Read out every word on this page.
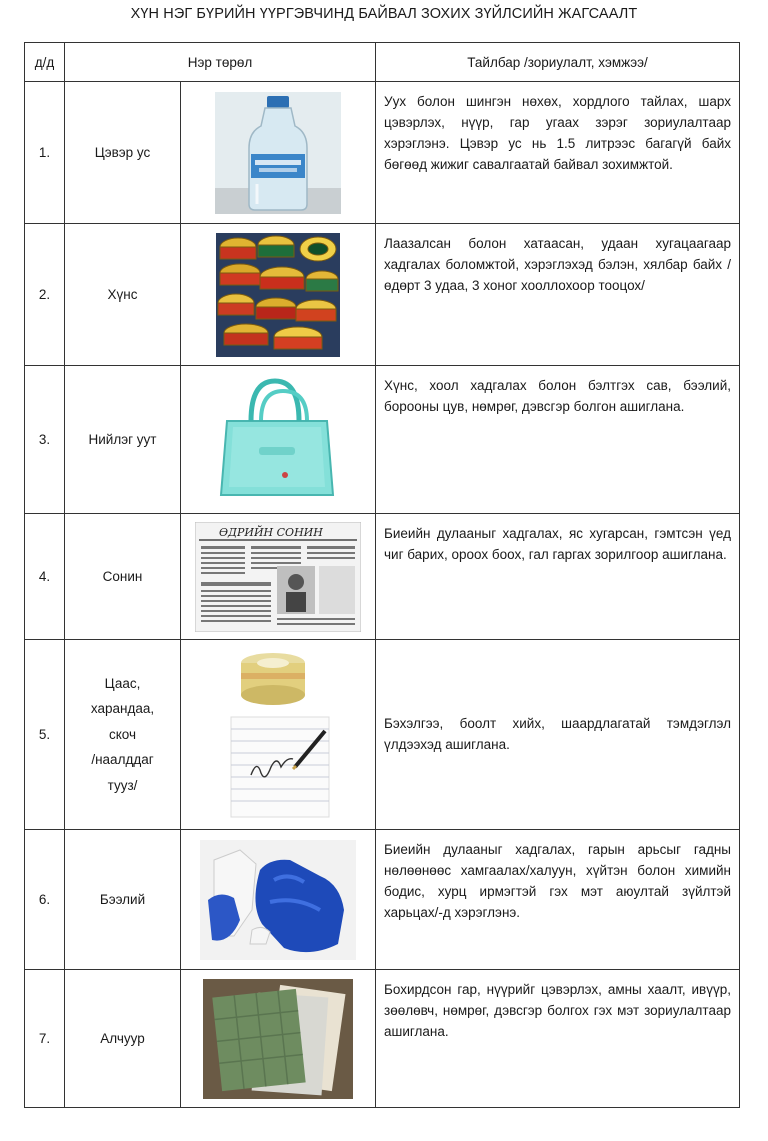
ХҮН НЭГ БҮРИЙН ҮҮРГЭВЧИНД БАЙВАЛ ЗОХИХ ЗҮЙЛСИЙН ЖАГСААЛТ
д/д	Нэр төрөл		Тайлбар /зориулалт, хэмжээ/
1.	Цэвэр ус		Уух болон шингэн нөхөх, хордлого тайлах, шарх цэвэрлэх, нүүр, гар угаах зэрэг зориулалтаар хэрэглэнэ. Цэвэр ус нь 1.5 литрээс багагүй байх бөгөөд жижиг савалгаатай байвал зохимжтой.
2.	Хүнс		Лаазалсан болон хатаасан, удаан хугацаагаар хадгалах боломжтой, хэрэглэхэд бэлэн, хялбар байх /өдөрт 3 удаа, 3 хоног хооллохоор тооцох/
3.	Нийлэг уут		Хүнс, хоол хадгалах болон бэлтгэх сав, бээлий, борооны цув, нөмрөг, дэвсгэр болгон ашиглана.
4.	Сонин	ӨДРИЙН СОНИН	Биеийн дулааныг хадгалах, яс хугарсан, гэмтсэн үед чиг барих, ороох боох, гал гаргах зорилгоор ашиглана.
5.	Цаас,
харандаа,
скоч
/наалддаг
тууз/		Бэхэлгээ, боолт хийх, шаардлагатай тэмдэглэл үлдээхэд ашиглана.
6.	Бээлий		Биеийн дулааныг хадгалах, гарын арьсыг гадны нөлөөнөөс хамгаалах/халуун, хүйтэн болон химийн бодис, хурц ирмэгтэй гэх мэт аюултай зүйлтэй харьцах/-д хэрэглэнэ.
7.	Алчуур		Бохирдсон гар, нүүрийг цэвэрлэх, амны хаалт, ивүүр, зөөлөвч, нөмрөг, дэвсгэр болгох гэх мэт зориулалтаар ашиглана.
